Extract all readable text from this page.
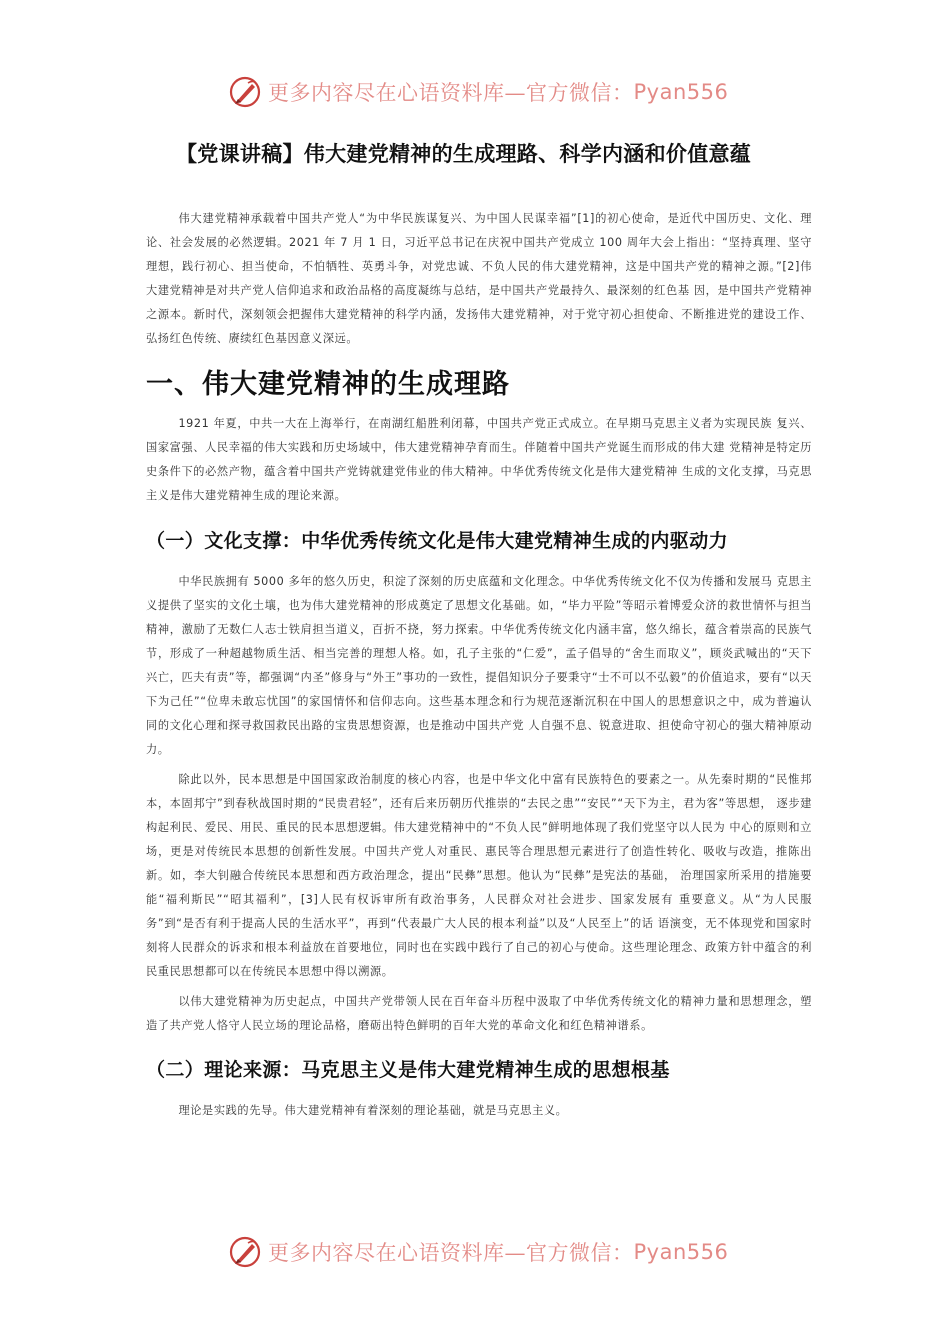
更多内容尽在心语资料库—官方微信： Pyan556
【党课讲稿】伟大建党精神的生成理路、科学内涵和价值意蕴

伟大建党精神承载着中国共产党人“为中华民族谋复兴、为中国人民谋幸福”[1]的初心使命，是近代中国历史、文化、理论、社会发展的必然逻辑。2021 年 7 月 1 日，习近平总书记在庆祝中国共产党成立 100 周年大会上指出：“坚持真理、坚守理想，践行初心、担当使命，不怕牺牲、英勇斗争，对党忠诚、不负人民的伟大建党精神，这是中国共产党的精神之源。”[2]伟大建党精神是对共产党人信仰追求和政治品格的高度凝练与总结，是中国共产党最持久、最深刻的红色基 因，是中国共产党精神之源本。新时代，深刻领会把握伟大建党精神的科学内涵，发扬伟大建党精神，对于党守初心担使命、不断推进党的建设工作、弘扬红色传统、赓续红色基因意义深远。

一、伟大建党精神的生成理路

1921 年夏，中共一大在上海举行，在南湖红船胜利闭幕，中国共产党正式成立。在早期马克思主义者为实现民族 复兴、国家富强、人民幸福的伟大实践和历史场域中，伟大建党精神孕育而生。伴随着中国共产党诞生而形成的伟大建 党精神是特定历史条件下的必然产物，蕴含着中国共产党铸就建党伟业的伟大精神。中华优秀传统文化是伟大建党精神 生成的文化支撑，马克思主义是伟大建党精神生成的理论来源。

（一）文化支撑：中华优秀传统文化是伟大建党精神生成的内驱动力

中华民族拥有 5000 多年的悠久历史，积淀了深刻的历史底蕴和文化理念。中华优秀传统文化不仅为传播和发展马 克思主义提供了坚实的文化土壤，也为伟大建党精神的形成奠定了思想文化基础。如，“毕力平险”等昭示着博爱众济的救世情怀与担当精神，激励了无数仁人志士铁肩担当道义，百折不挠，努力探索。中华优秀传统文化内涵丰富，悠久绵长，蕴含着崇高的民族气节，形成了一种超越物质生活、相当完善的理想人格。如，孔子主张的“仁爱”，孟子倡导的“舍生而取义”，顾炎武喊出的“天下兴亡，匹夫有责”等，都强调“内圣”修身与“外王”事功的一致性，提倡知识分子要秉守“士不可以不弘毅”的价值追求，要有“以天下为己任”“位卑未敢忘忧国”的家国情怀和信仰志向。这些基本理念和行为规范逐渐沉积在中国人的思想意识之中，成为普遍认同的文化心理和探寻救国救民出路的宝贵思想资源，也是推动中国共产党 人自强不息、锐意进取、担使命守初心的强大精神原动力。

除此以外，民本思想是中国国家政治制度的核心内容，也是中华文化中富有民族特色的要素之一。从先秦时期的“民惟邦本，本固邦宁”到春秋战国时期的“民贵君轻”，还有后来历朝历代推崇的“去民之患”“安民”“天下为主，君为客”等思想， 逐步建构起利民、爱民、用民、重民的民本思想逻辑。伟大建党精神中的“不负人民”鲜明地体现了我们党坚守以人民为 中心的原则和立场，更是对传统民本思想的创新性发展。中国共产党人对重民、惠民等合理思想元素进行了创造性转化、吸收与改造，推陈出新。如，李大钊融合传统民本思想和西方政治理念，提出“民彝”思想。他认为“民彝”是宪法的基础， 治理国家所采用的措施要能“福利斯民”“昭其福利”，[3]人民有权诉审所有政治事务，人民群众对社会进步、国家发展有 重要意义。从“为人民服务”到“是否有利于提高人民的生活水平”，再到“代表最广大人民的根本利益”以及“人民至上”的话 语演变，无不体现党和国家时刻将人民群众的诉求和根本利益放在首要地位，同时也在实践中践行了自己的初心与使命。这些理论理念、政策方针中蕴含的利民重民思想都可以在传统民本思想中得以溯源。

以伟大建党精神为历史起点，中国共产党带领人民在百年奋斗历程中汲取了中华优秀传统文化的精神力量和思想理念，塑造了共产党人恪守人民立场的理论品格，磨砺出特色鲜明的百年大党的革命文化和红色精神谱系。

（二）理论来源：马克思主义是伟大建党精神生成的思想根基

理论是实践的先导。伟大建党精神有着深刻的理论基础，就是马克思主义。

更多内容尽在心语资料库—官方微信： Pyan556
